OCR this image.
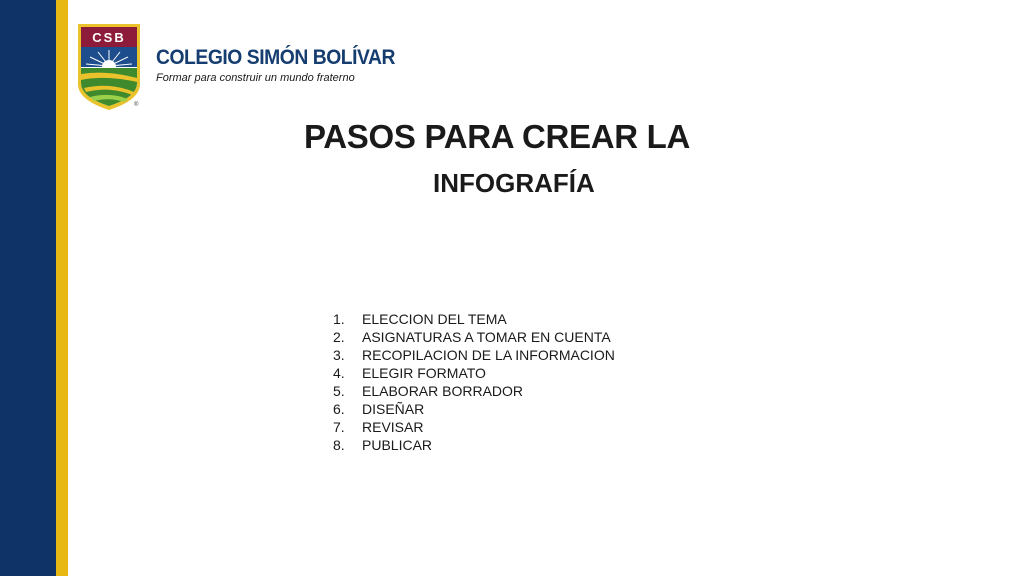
CSB
®
COLEGIO SIMÓN BOLÍVAR
Formar para construir un mundo fraterno
PASOS PARA CREAR LA
INFOGRAFÍA
1. ELECCION DEL TEMA
2. ASIGNATURAS A TOMAR EN CUENTA
3. RECOPILACION DE LA INFORMACION
4. ELEGIR FORMATO
5. ELABORAR BORRADOR
6. DISEÑAR
7. REVISAR
8. PUBLICAR
